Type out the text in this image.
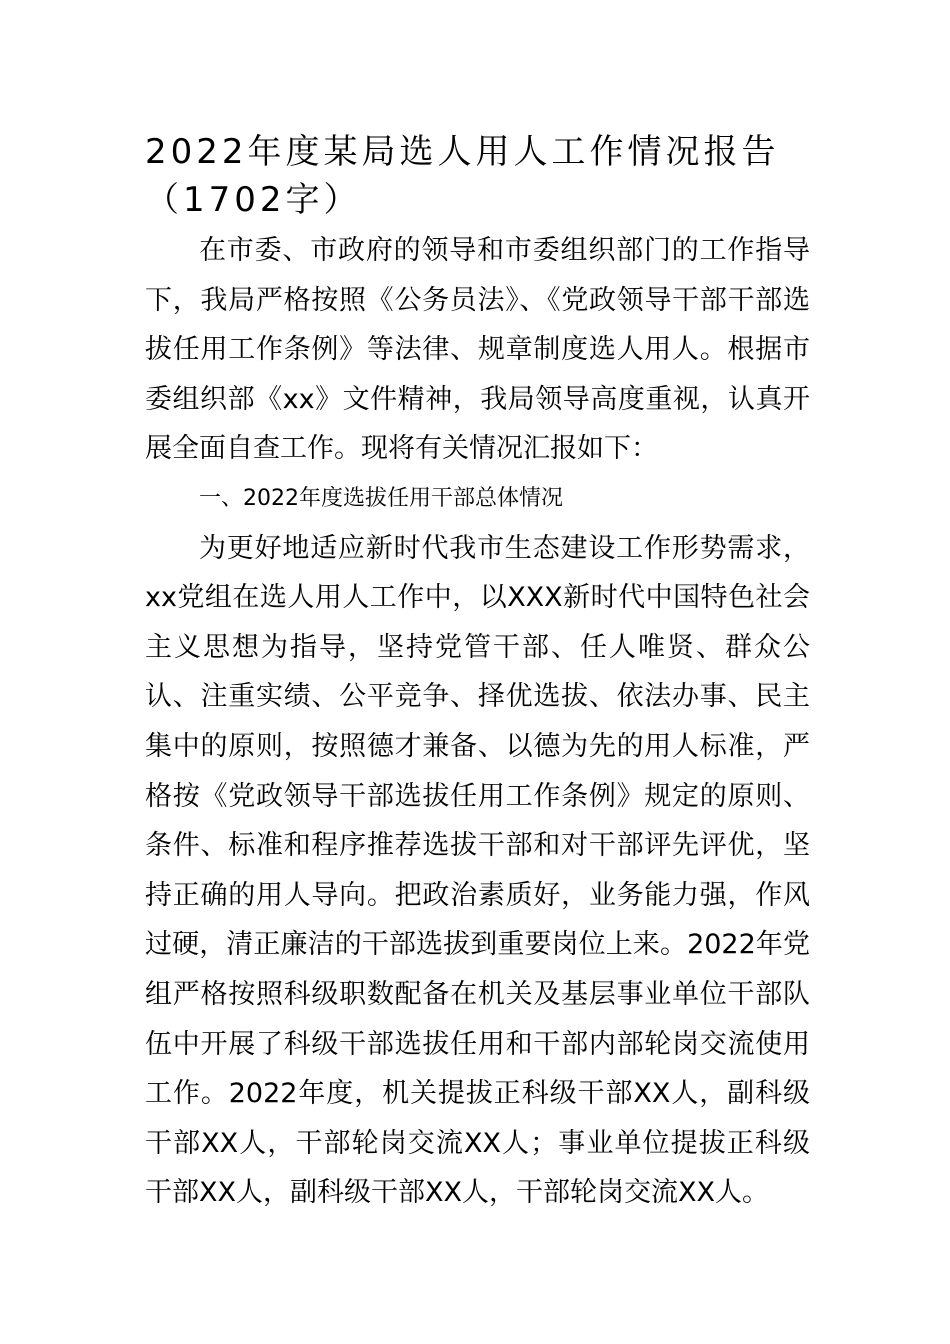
2022年度某局选人用人工作情况报告
（1702字）

在市委、市政府的领导和市委组织部门的工作指导下，我局严格按照《公务员法》、《党政领导干部干部选拔任用工作条例》等法律、规章制度选人用人。根据市委组织部《xx》文件精神，我局领导高度重视，认真开展全面自查工作。现将有关情况汇报如下：

一、2022年度选拔任用干部总体情况

为更好地适应新时代我市生态建设工作形势需求，xx党组在选人用人工作中，以XXX新时代中国特色社会主义思想为指导，坚持党管干部、任人唯贤、群众公认、注重实绩、公平竞争、择优选拔、依法办事、民主集中的原则，按照德才兼备、以德为先的用人标准，严格按《党政领导干部选拔任用工作条例》规定的原则、条件、标准和程序推荐选拔干部和对干部评先评优，坚持正确的用人导向。把政治素质好，业务能力强，作风过硬，清正廉洁的干部选拔到重要岗位上来。2022年党组严格按照科级职数配备在机关及基层事业单位干部队伍中开展了科级干部选拔任用和干部内部轮岗交流使用工作。2022年度，机关提拔正科级干部XX人，副科级干部XX人，干部轮岗交流XX人；事业单位提拔正科级干部XX人，副科级干部XX人，干部轮岗交流XX人。
